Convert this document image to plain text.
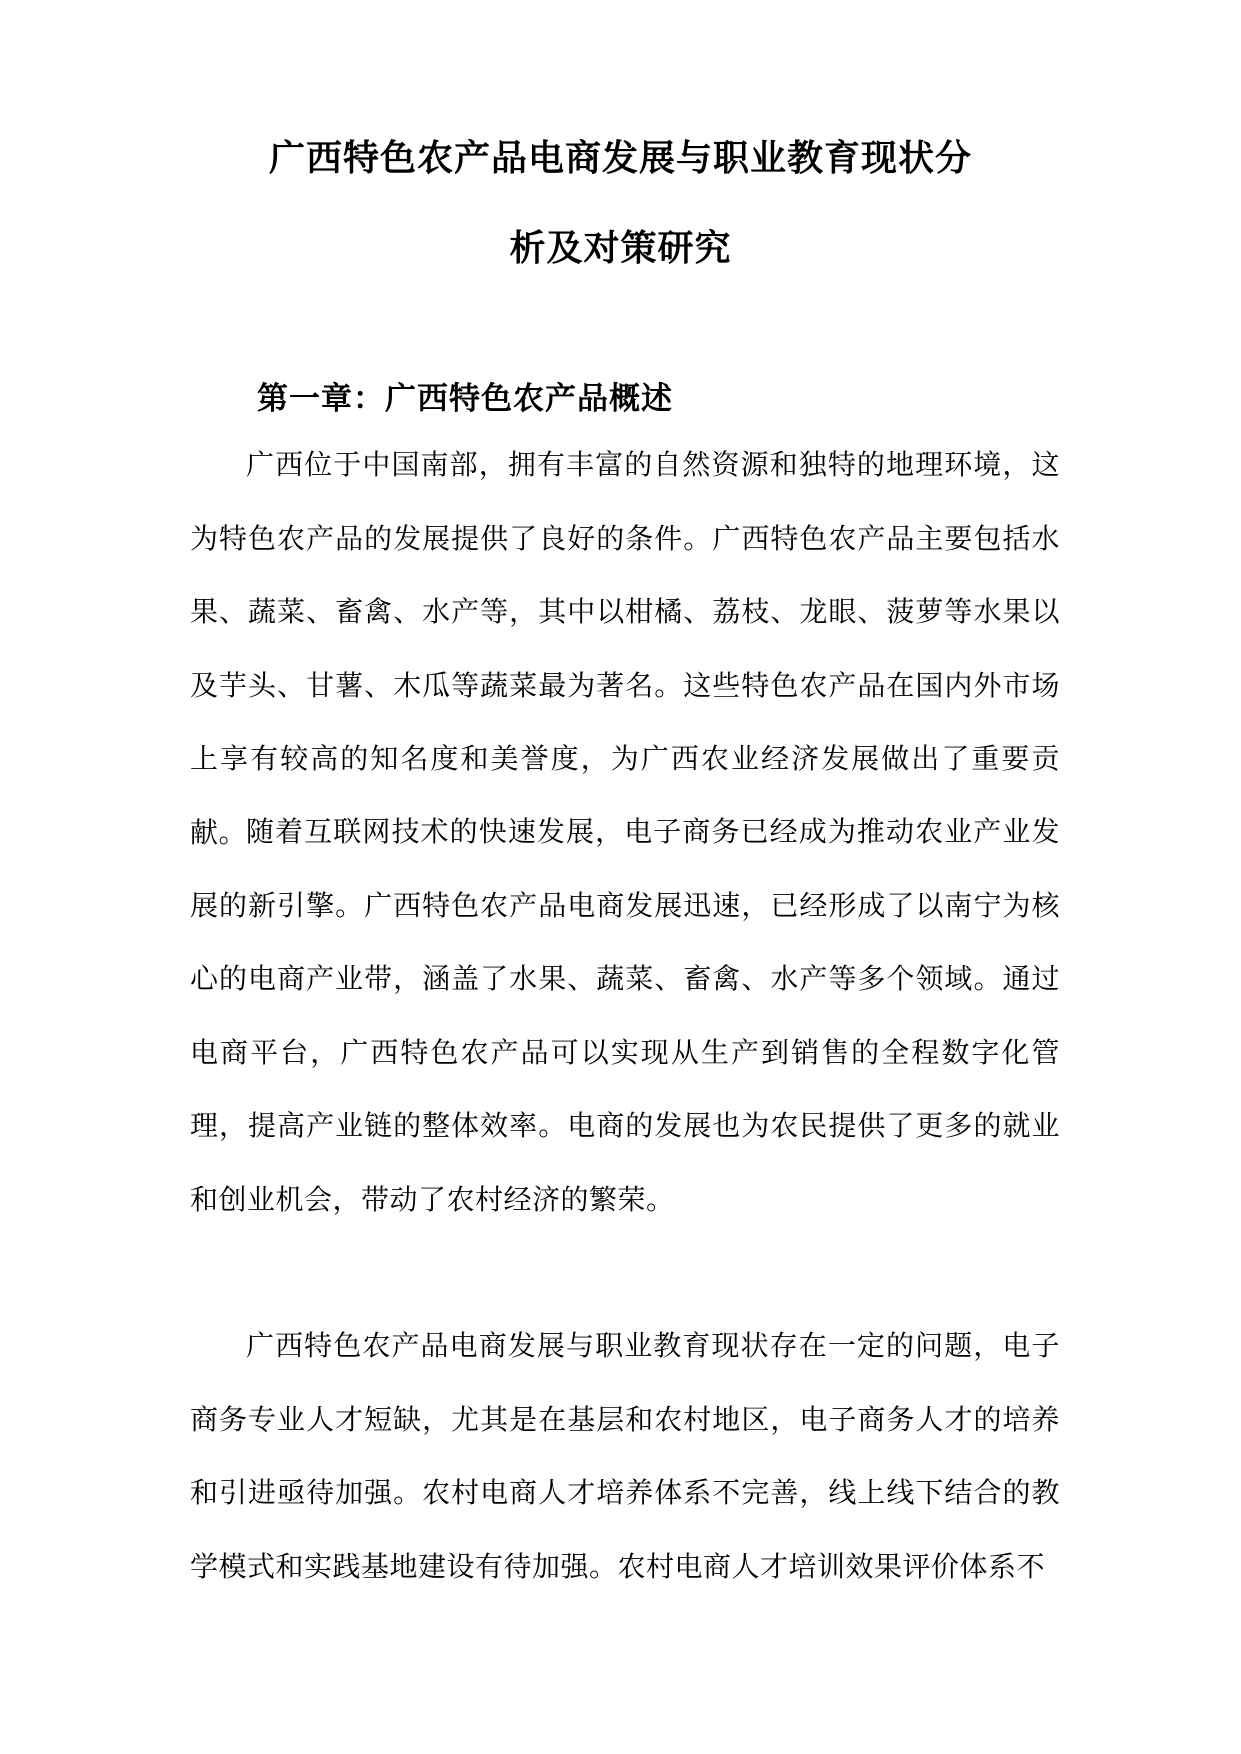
广西特色农产品电商发展与职业教育现状分
析及对策研究
第一章：广西特色农产品概述

广西位于中国南部，拥有丰富的自然资源和独特的地理环境，这为特色农产品的发展提供了良好的条件。广西特色农产品主要包括水果、蔬菜、畜禽、水产等，其中以柑橘、荔枝、龙眼、菠萝等水果以及芋头、甘薯、木瓜等蔬菜最为著名。这些特色农产品在国内外市场上享有较高的知名度和美誉度，为广西农业经济发展做出了重要贡献。

随着互联网技术的快速发展，电子商务已经成为推动农业产业发展的新引擎。广西特色农产品电商发展迅速，已经形成了以南宁为核心的电商产业带，涵盖了水果、蔬菜、畜禽、水产等多个领域。通过电商平台，广西特色农产品可以实现从生产到销售的全程数字化管理，提高产业链的整体效率。电商的发展也为农民提供了更多的就业和创业机会，带动了农村经济的繁荣。

广西特色农产品电商发展与职业教育现状存在一定的问题，电子商务专业人才短缺，尤其是在基层和农村地区，电子商务人才的培养和引进亟待加强。农村电商人才培养体系不完善，线上线下结合的教学模式和实践基地建设有待加强。农村电商人才培训效果评价体系不
